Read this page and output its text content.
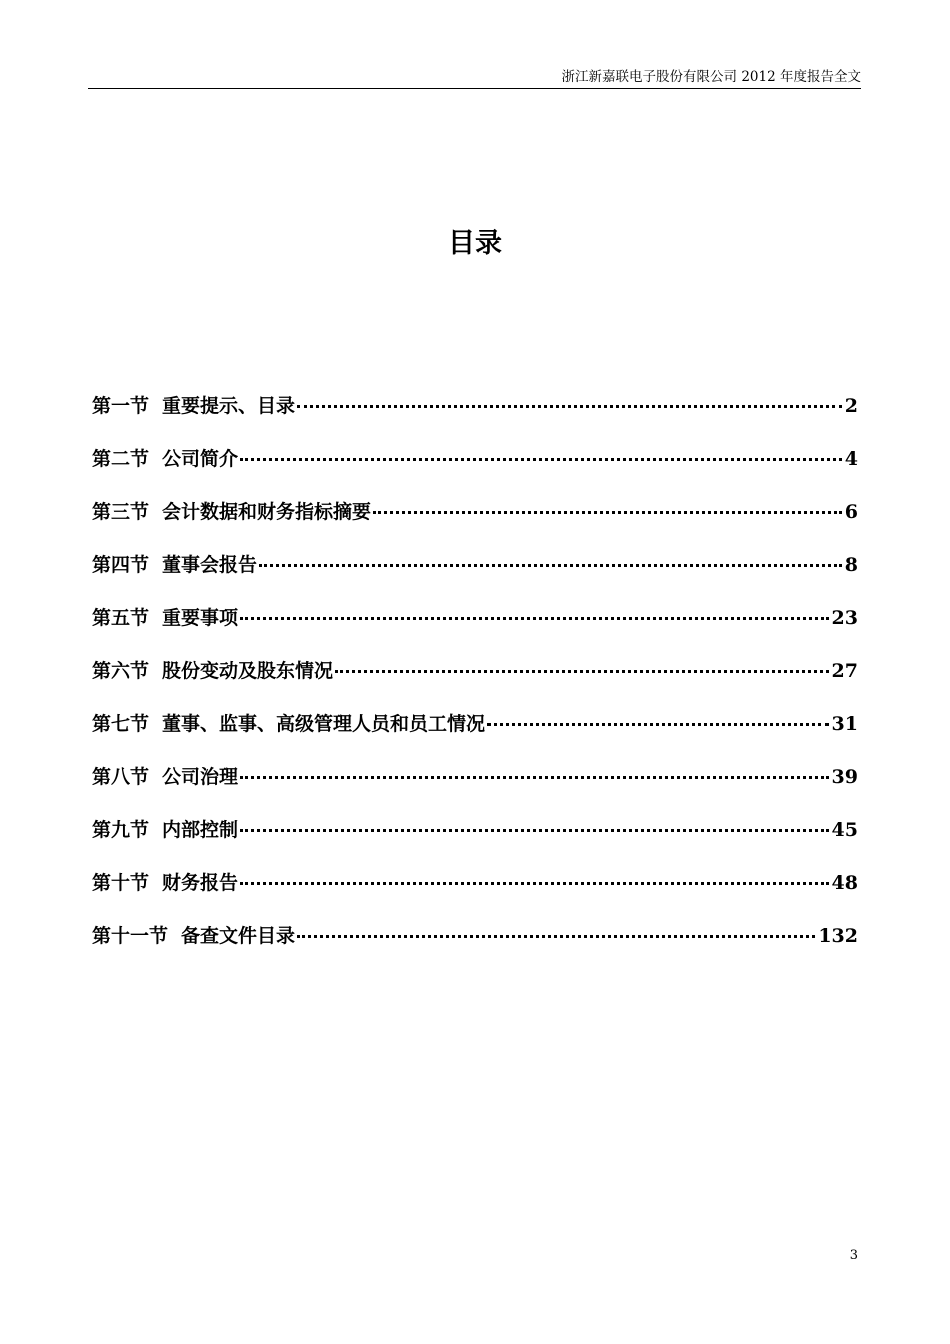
浙江新嘉联电子股份有限公司 2012 年度报告全文
目录
第一节 重要提示、目录	2
第二节 公司简介	4
第三节 会计数据和财务指标摘要	6
第四节 董事会报告	8
第五节 重要事项	23
第六节 股份变动及股东情况	27
第七节 董事、监事、高级管理人员和员工情况	31
第八节 公司治理	39
第九节 内部控制	45
第十节 财务报告	48
第十一节 备查文件目录	132
3
